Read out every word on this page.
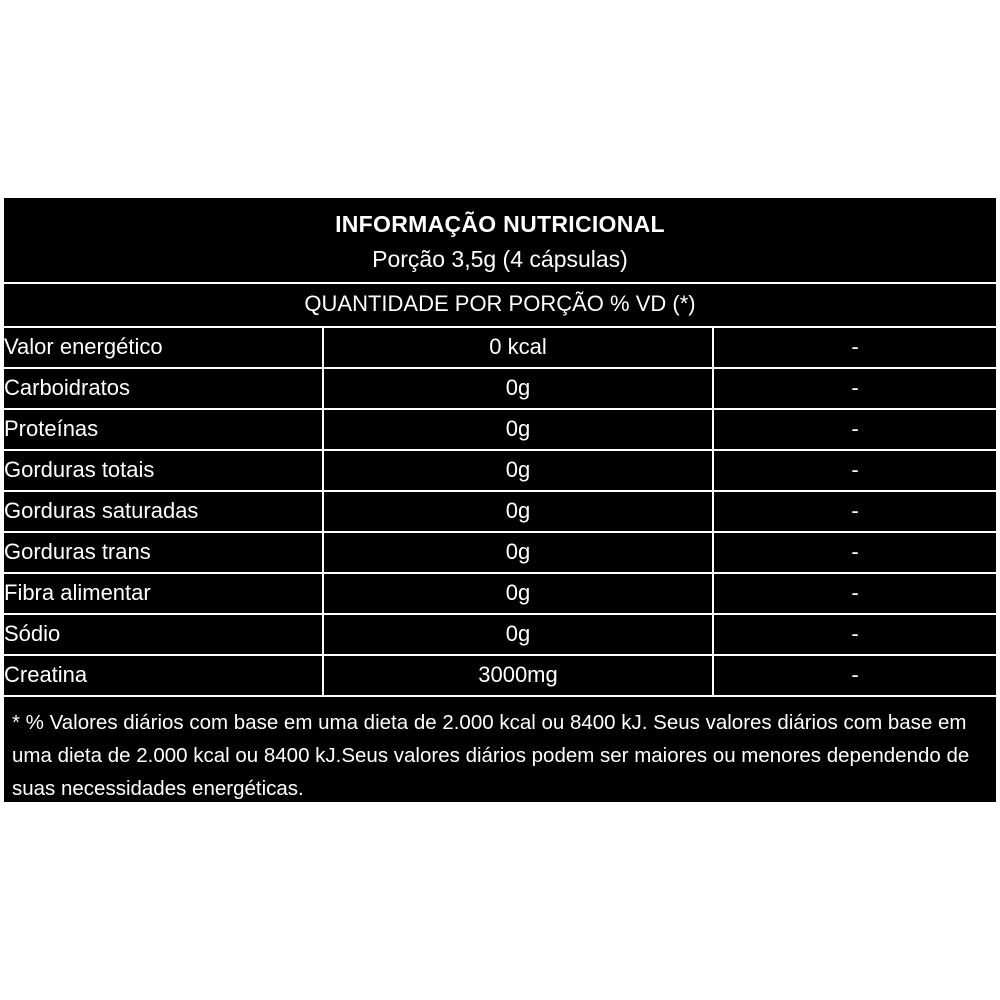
INFORMAÇÃO NUTRICIONAL
Porção 3,5g (4 cápsulas)
QUANTIDADE POR PORÇÃO % VD (*)
Valor energético	0 kcal	-
Carboidratos	0g	-
Proteínas	0g	-
Gorduras totais	0g	-
Gorduras saturadas	0g	-
Gorduras trans	0g	-
Fibra alimentar	0g	-
Sódio	0g	-
Creatina	3000mg	-
* % Valores diários com base em uma dieta de 2.000 kcal ou 8400 kJ. Seus valores diários com base em uma dieta de 2.000 kcal ou 8400 kJ.Seus valores diários podem ser maiores ou menores dependendo de suas necessidades energéticas.
